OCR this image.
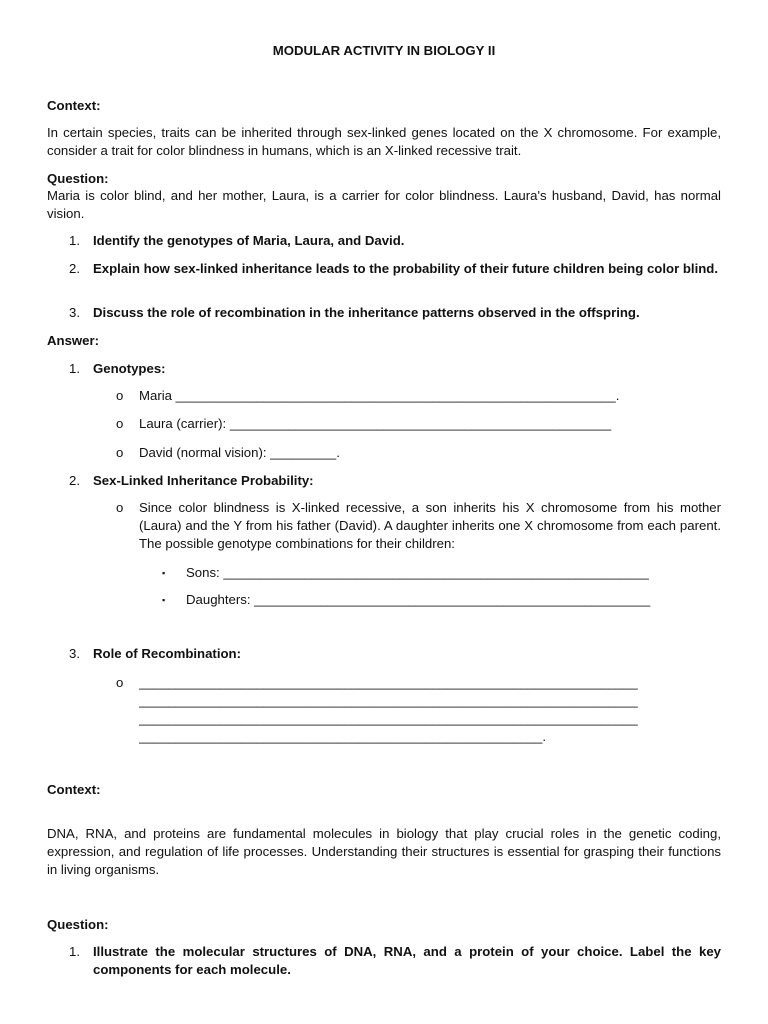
MODULAR ACTIVITY IN BIOLOGY II
Context:
In certain species, traits can be inherited through sex-linked genes located on the X chromosome. For example, consider a trait for color blindness in humans, which is an X-linked recessive trait.
Question:
Maria is color blind, and her mother, Laura, is a carrier for color blindness. Laura's husband, David, has normal vision.
1. Identify the genotypes of Maria, Laura, and David.
2. Explain how sex-linked inheritance leads to the probability of their future children being color blind.
3. Discuss the role of recombination in the inheritance patterns observed in the offspring.
Answer:
1. Genotypes:
o	Maria ____________________________________________________________.
o	Laura (carrier): ____________________________________________________
o	David (normal vision): _________.
2. Sex-Linked Inheritance Probability:
o	Since color blindness is X-linked recessive, a son inherits his X chromosome from his mother (Laura) and the Y from his father (David). A daughter inherits one X chromosome from each parent. The possible genotype combinations for their children:
▪	Sons: __________________________________________________________
▪	Daughters: ______________________________________________________
3. Role of Recombination:
o	____________________________________________________________________
____________________________________________________________________
____________________________________________________________________
_______________________________________________________.
Context:
DNA, RNA, and proteins are fundamental molecules in biology that play crucial roles in the genetic coding, expression, and regulation of life processes. Understanding their structures is essential for grasping their functions in living organisms.
Question:
1. Illustrate the molecular structures of DNA, RNA, and a protein of your choice. Label the key components for each molecule.
